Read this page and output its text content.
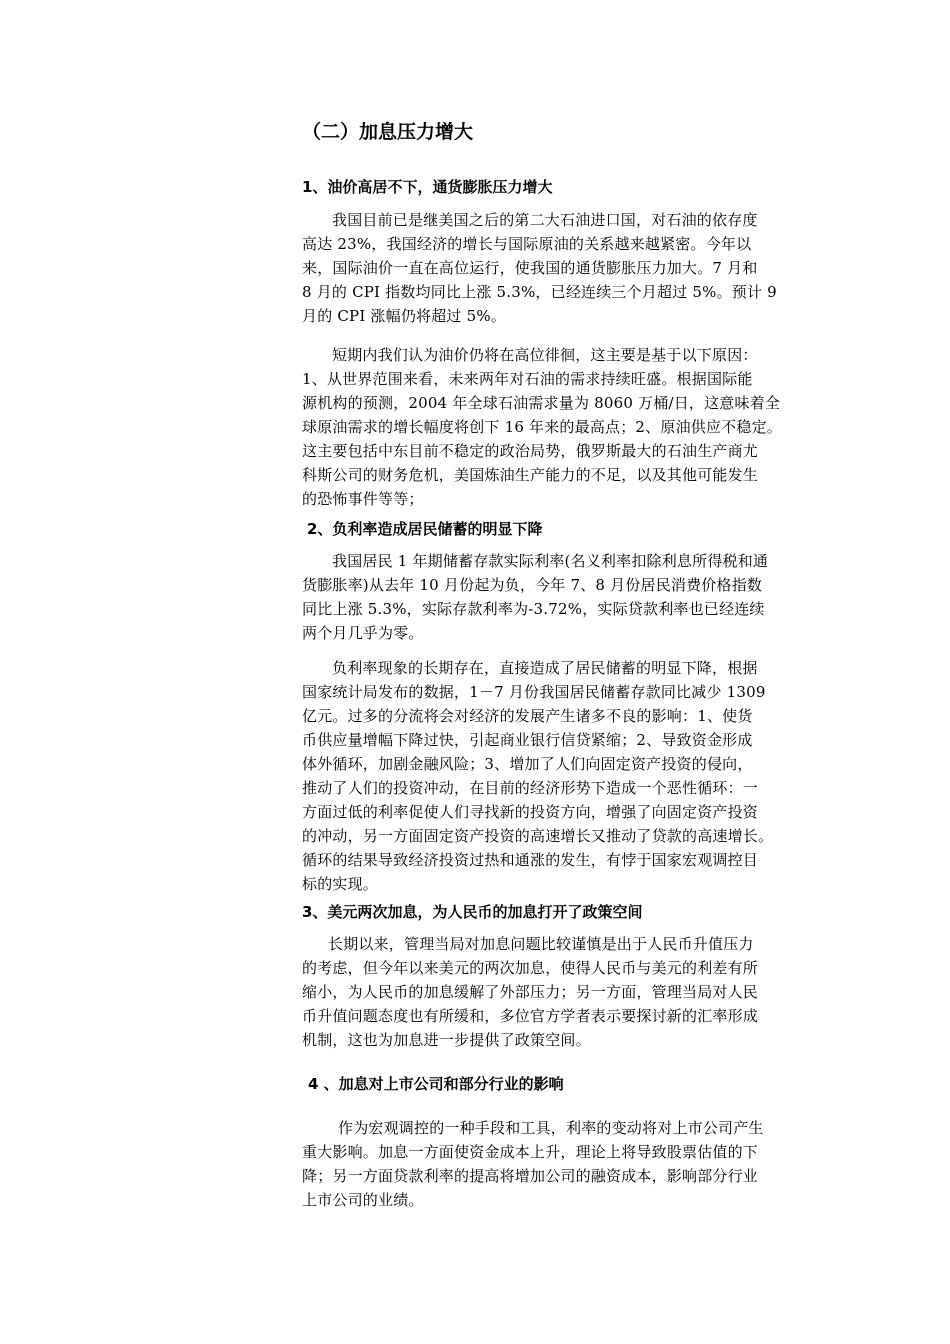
（二）加息压力增大
1、油价高居不下，通货膨胀压力增大

我国目前已是继美国之后的第二大石油进口国，对石油的依存度
高达 23%，我国经济的增长与国际原油的关系越来越紧密。今年以
来，国际油价一直在高位运行，使我国的通货膨胀压力加大。7 月和
8 月的 CPI 指数均同比上涨 5.3%，已经连续三个月超过 5%。预计 9
月的 CPI 涨幅仍将超过 5%。

短期内我们认为油价仍将在高位徘徊，这主要是基于以下原因：
1、从世界范围来看，未来两年对石油的需求持续旺盛。根据国际能
源机构的预测，2004 年全球石油需求量为 8060 万桶/日，这意味着全
球原油需求的增长幅度将创下 16 年来的最高点；2、原油供应不稳定。
这主要包括中东目前不稳定的政治局势，俄罗斯最大的石油生产商尤
科斯公司的财务危机，美国炼油生产能力的不足，以及其他可能发生
的恐怖事件等等；

2、负利率造成居民储蓄的明显下降

我国居民 1 年期储蓄存款实际利率(名义利率扣除利息所得税和通
货膨胀率)从去年 10 月份起为负，今年 7、8 月份居民消费价格指数
同比上涨 5.3%，实际存款利率为-3.72%，实际贷款利率也已经连续
两个月几乎为零。

负利率现象的长期存在，直接造成了居民储蓄的明显下降，根据
国家统计局发布的数据，1－7 月份我国居民储蓄存款同比减少 1309
亿元。过多的分流将会对经济的发展产生诸多不良的影响：1、使货
币供应量增幅下降过快，引起商业银行信贷紧缩；2、导致资金形成
体外循环，加剧金融风险；3、增加了人们向固定资产投资的侵向，
推动了人们的投资冲动，在目前的经济形势下造成一个恶性循环：一
方面过低的利率促使人们寻找新的投资方向，增强了向固定资产投资
的冲动，另一方面固定资产投资的高速增长又推动了贷款的高速增长。
循环的结果导致经济投资过热和通涨的发生，有悖于国家宏观调控目
标的实现。

3、美元两次加息，为人民币的加息打开了政策空间

长期以来，管理当局对加息问题比较谨慎是出于人民币升值压力
的考虑，但今年以来美元的两次加息，使得人民币与美元的利差有所
缩小，为人民币的加息缓解了外部压力；另一方面，管理当局对人民
币升值问题态度也有所缓和，多位官方学者表示要探讨新的汇率形成
机制，这也为加息进一步提供了政策空间。

4 、加息对上市公司和部分行业的影响

作为宏观调控的一种手段和工具，利率的变动将对上市公司产生
重大影响。加息一方面使资金成本上升，理论上将导致股票估值的下
降；另一方面贷款利率的提高将增加公司的融资成本，影响部分行业
上市公司的业绩。
